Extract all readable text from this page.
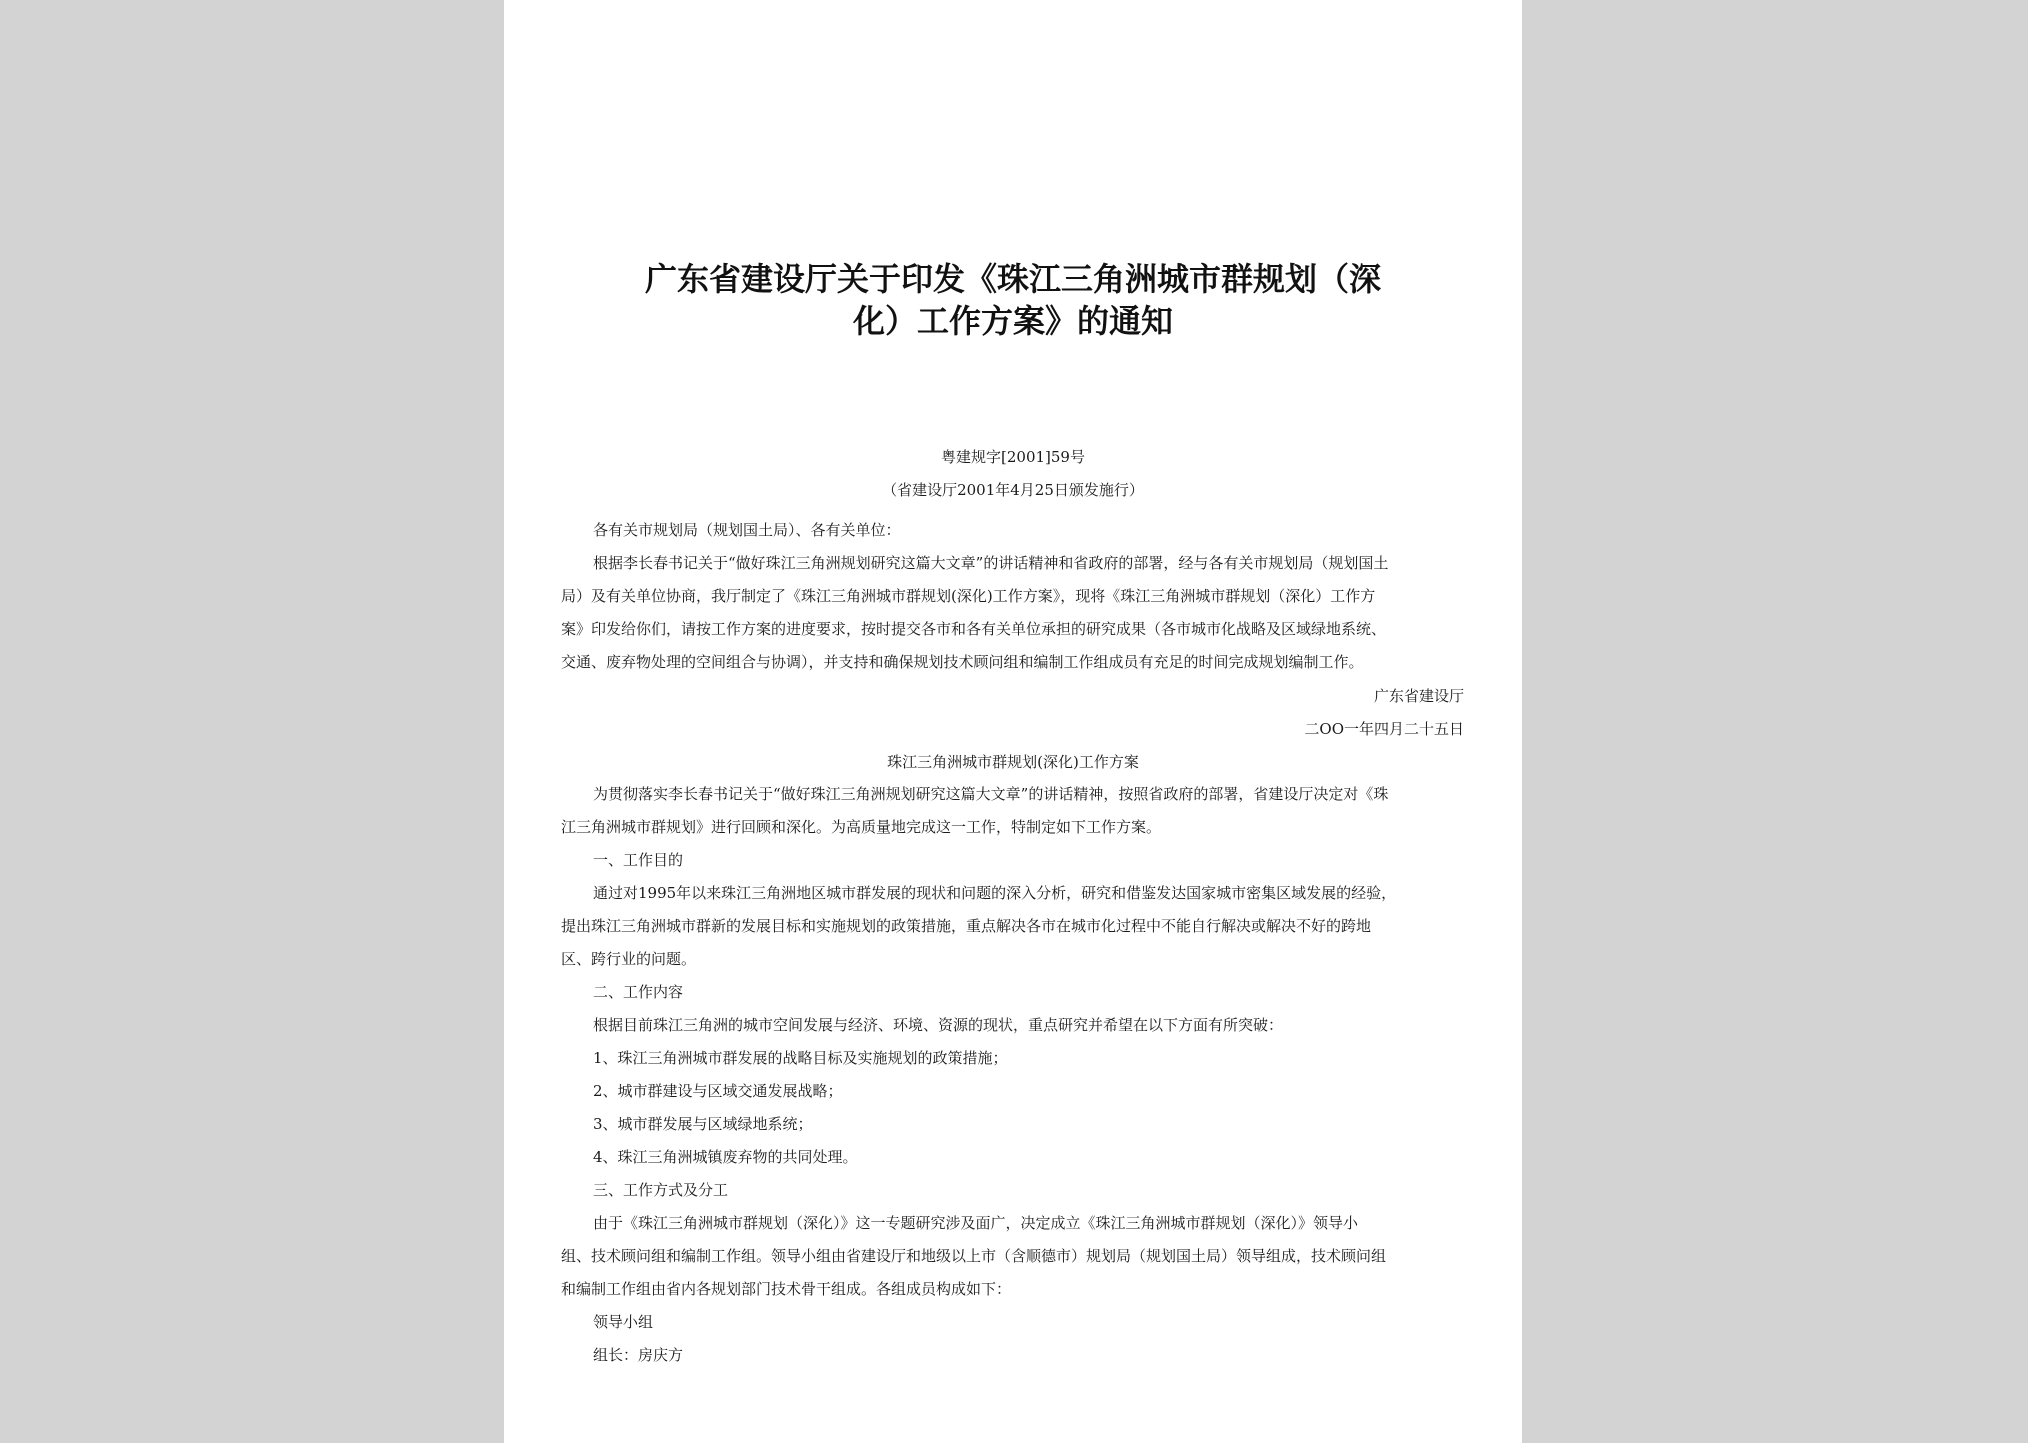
广东省建设厅关于印发《珠江三角洲城市群规划（深
化）工作方案》的通知
粤建规字[2001]59号
（省建设厅2001年4月25日颁发施行）
各有关市规划局（规划国土局）、各有关单位：
根据李长春书记关于“做好珠江三角洲规划研究这篇大文章”的讲话精神和省政府的部署，经与各有关市规划局（规划国土
局）及有关单位协商，我厅制定了《珠江三角洲城市群规划(深化)工作方案》，现将《珠江三角洲城市群规划（深化）工作方
案》印发给你们，请按工作方案的进度要求，按时提交各市和各有关单位承担的研究成果（各市城市化战略及区域绿地系统、
交通、废弃物处理的空间组合与协调），并支持和确保规划技术顾问组和编制工作组成员有充足的时间完成规划编制工作。
广东省建设厅
二OO一年四月二十五日
珠江三角洲城市群规划(深化)工作方案
为贯彻落实李长春书记关于“做好珠江三角洲规划研究这篇大文章”的讲话精神，按照省政府的部署，省建设厅决定对《珠
江三角洲城市群规划》进行回顾和深化。为高质量地完成这一工作，特制定如下工作方案。
一、工作目的
通过对1995年以来珠江三角洲地区城市群发展的现状和问题的深入分析，研究和借鉴发达国家城市密集区域发展的经验，
提出珠江三角洲城市群新的发展目标和实施规划的政策措施，重点解决各市在城市化过程中不能自行解决或解决不好的跨地
区、跨行业的问题。
二、工作内容
根据目前珠江三角洲的城市空间发展与经济、环境、资源的现状，重点研究并希望在以下方面有所突破：
1、珠江三角洲城市群发展的战略目标及实施规划的政策措施；
2、城市群建设与区域交通发展战略；
3、城市群发展与区域绿地系统；
4、珠江三角洲城镇废弃物的共同处理。
三、工作方式及分工
由于《珠江三角洲城市群规划（深化）》这一专题研究涉及面广，决定成立《珠江三角洲城市群规划（深化）》领导小
组、技术顾问组和编制工作组。领导小组由省建设厅和地级以上市（含顺德市）规划局（规划国土局）领导组成，技术顾问组
和编制工作组由省内各规划部门技术骨干组成。各组成员构成如下：
领导小组
组长：房庆方
